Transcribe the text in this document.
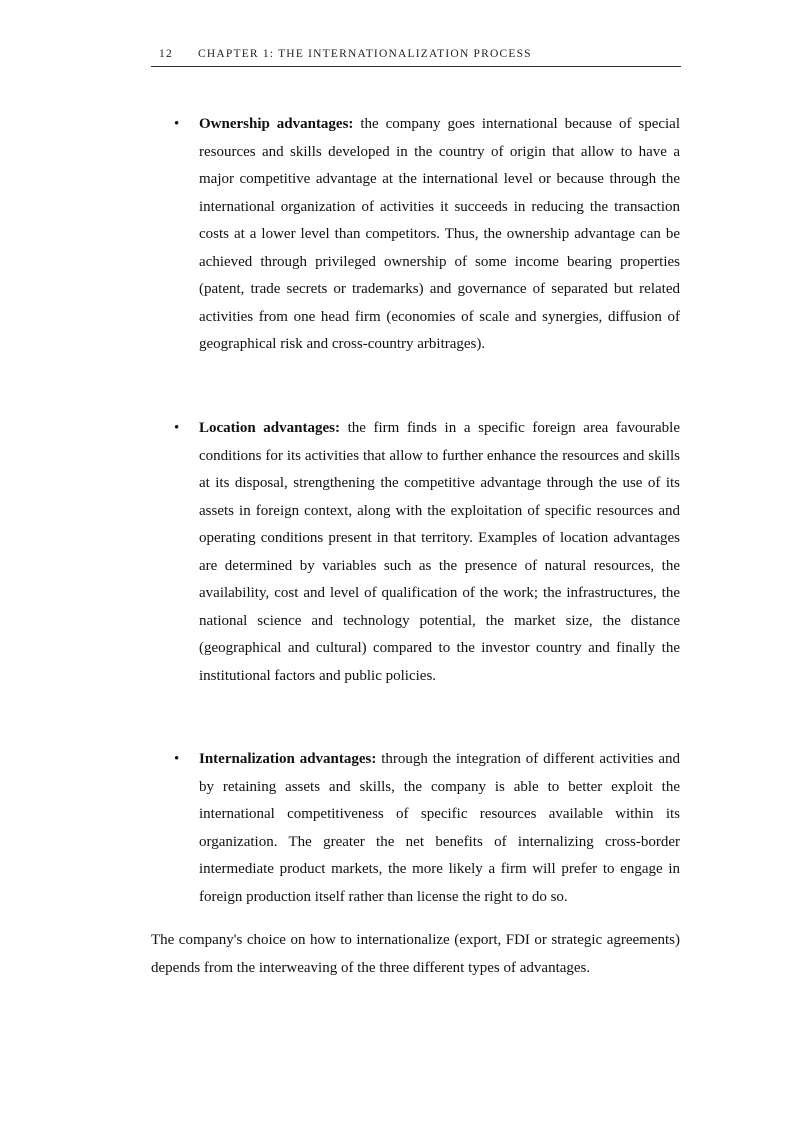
12 CHAPTER 1: THE INTERNATIONALIZATION PROCESS
• Ownership advantages: the company goes international because of special resources and skills developed in the country of origin that allow to have a major competitive advantage at the international level or because through the international organization of activities it succeeds in reducing the transaction costs at a lower level than competitors. Thus, the ownership advantage can be achieved through privileged ownership of some income bearing properties (patent, trade secrets or trademarks) and governance of separated but related activities from one head firm (economies of scale and synergies, diffusion of geographical risk and cross-country arbitrages).

• Location advantages: the firm finds in a specific foreign area favourable conditions for its activities that allow to further enhance the resources and skills at its disposal, strengthening the competitive advantage through the use of its assets in foreign context, along with the exploitation of specific resources and operating conditions present in that territory. Examples of location advantages are determined by variables such as the presence of natural resources, the availability, cost and level of qualification of the work; the infrastructures, the national science and technology potential, the market size, the distance (geographical and cultural) compared to the investor country and finally the institutional factors and public policies.

• Internalization advantages: through the integration of different activities and by retaining assets and skills, the company is able to better exploit the international competitiveness of specific resources available within its organization. The greater the net benefits of internalizing cross-border intermediate product markets, the more likely a firm will prefer to engage in foreign production itself rather than license the right to do so.

The company's choice on how to internationalize (export, FDI or strategic agreements) depends from the interweaving of the three different types of advantages.
